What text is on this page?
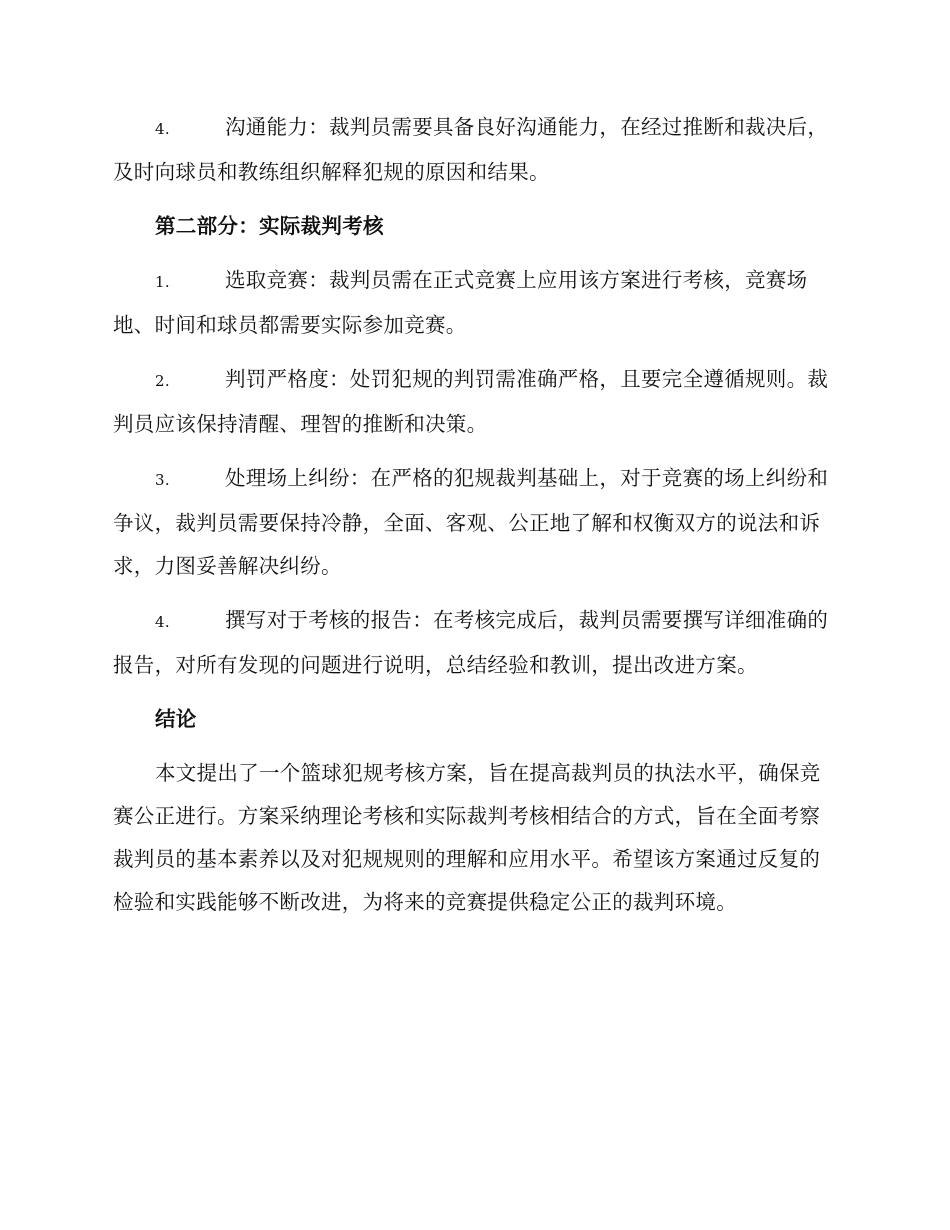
4.	沟通能力：裁判员需要具备良好沟通能力，在经过推断和裁决后，及时向球员和教练组织解释犯规的原因和结果。

第二部分：实际裁判考核

1.	选取竞赛：裁判员需在正式竞赛上应用该方案进行考核，竞赛场地、时间和球员都需要实际参加竞赛。

2.	判罚严格度：处罚犯规的判罚需准确严格，且要完全遵循规则。裁判员应该保持清醒、理智的推断和决策。

3.	处理场上纠纷：在严格的犯规裁判基础上，对于竞赛的场上纠纷和争议，裁判员需要保持冷静，全面、客观、公正地了解和权衡双方的说法和诉求，力图妥善解决纠纷。

4.	撰写对于考核的报告：在考核完成后，裁判员需要撰写详细准确的报告，对所有发现的问题进行说明，总结经验和教训，提出改进方案。

结论

本文提出了一个篮球犯规考核方案，旨在提高裁判员的执法水平，确保竞赛公正进行。方案采纳理论考核和实际裁判考核相结合的方式，旨在全面考察裁判员的基本素养以及对犯规规则的理解和应用水平。希望该方案通过反复的检验和实践能够不断改进，为将来的竞赛提供稳定公正的裁判环境。
